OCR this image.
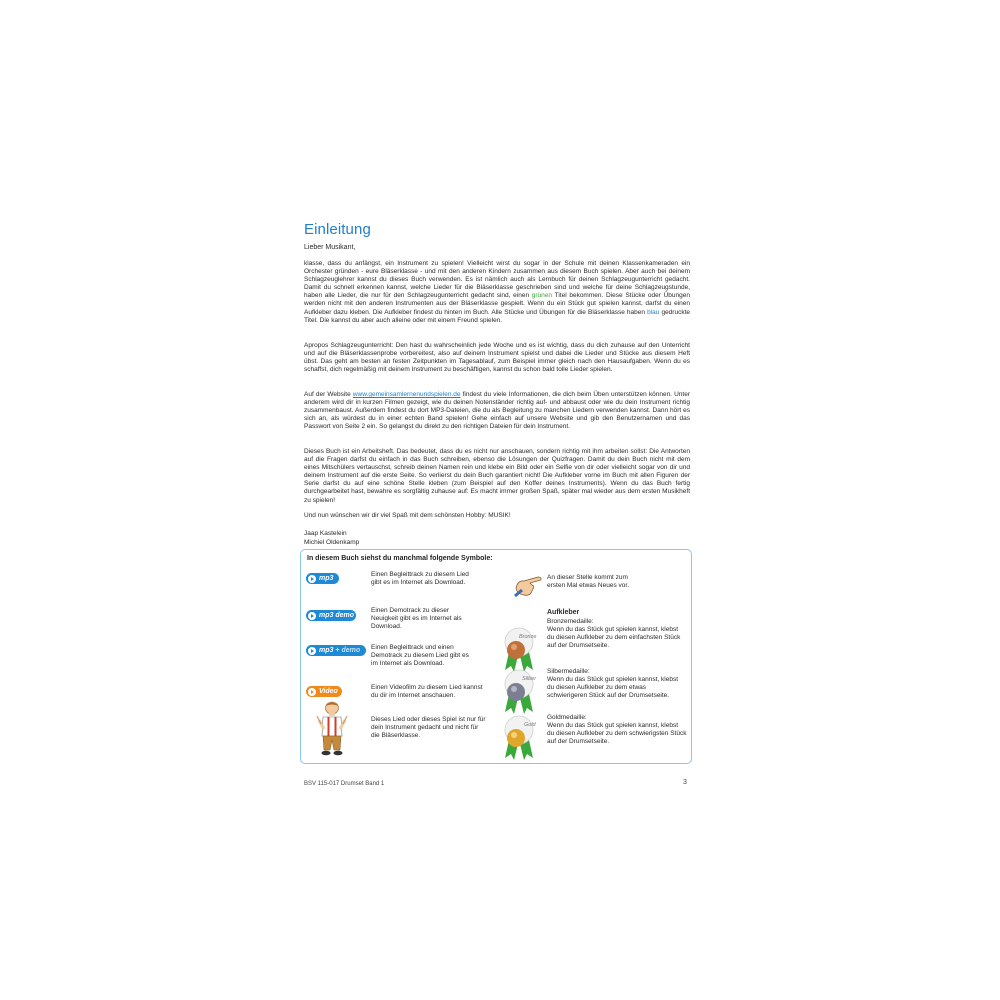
Einleitung
Lieber Musikant,

klasse, dass du anfängst, ein Instrument zu spielen! Vielleicht wirst du sogar in der Schule mit deinen Klassenkameraden ein Orchester gründen - eure Bläserklasse - und mit den anderen Kindern zusammen aus diesem Buch spielen. Aber auch bei deinem Schlagzeuglehrer kannst du dieses Buch verwenden. Es ist nämlich auch als Lernbuch für deinen Schlagzeugunterricht gedacht. Damit du schnell erkennen kannst, welche Lieder für die Bläserklasse geschrieben sind und welche für deine Schlagzeugstunde, haben alle Lieder, die nur für den Schlagzeugunterricht gedacht sind, einen grünen Titel bekommen. Diese Stücke oder Übungen werden nicht mit den anderen Instrumenten aus der Bläserklasse gespielt. Wenn du ein Stück gut spielen kannst, darfst du einen Aufkleber dazu kleben. Die Aufkleber findest du hinten im Buch. Alle Stücke und Übungen für die Bläserklasse haben blau gedruckte Titel. Die kannst du aber auch alleine oder mit einem Freund spielen.

Apropos Schlagzeugunterricht: Den hast du wahrscheinlich jede Woche und es ist wichtig, dass du dich zuhause auf den Unterricht und auf die Bläserklassenprobe vorbereitest, also auf deinem Instrument spielst und dabei die Lieder und Stücke aus diesem Heft übst. Das geht am besten an festen Zeitpunkten im Tagesablauf, zum Beispiel immer gleich nach den Hausaufgaben. Wenn du es schaffst, dich regelmäßig mit deinem Instrument zu beschäftigen, kannst du schon bald tolle Lieder spielen.

Auf der Website www.gemeinsamlernenundspielen.de findest du viele Informationen, die dich beim Üben unterstützen können. Unter anderem wird dir in kurzen Filmen gezeigt, wie du deinen Notenständer richtig auf- und abbaust oder wie du dein Instrument richtig zusammenbaust. Außerdem findest du dort MP3-Dateien, die du als Begleitung zu manchen Liedern verwenden kannst. Dann hört es sich an, als würdest du in einer echten Band spielen! Gehe einfach auf unsere Website und gib den Benutzernamen und das Passwort von Seite 2 ein. So gelangst du direkt zu den richtigen Dateien für dein Instrument.

Dieses Buch ist ein Arbeitsheft. Das bedeutet, dass du es nicht nur anschauen, sondern richtig mit ihm arbeiten sollst: Die Antworten auf die Fragen darfst du einfach in das Buch schreiben, ebenso die Lösungen der Quizfragen. Damit du dein Buch nicht mit dem eines Mitschülers vertauschst, schreib deinen Namen rein und klebe ein Bild oder ein Selfie von dir oder vielleicht sogar von dir und deinem Instrument auf die erste Seite. So verlierst du dein Buch garantiert nicht! Die Aufkleber vorne im Buch mit allen Figuren der Serie darfst du auf eine schöne Stelle kleben (zum Beispiel auf den Koffer deines Instruments). Wenn du das Buch fertig durchgearbeitet hast, bewahre es sorgfältig zuhause auf: Es macht immer großen Spaß, später mal wieder aus dem ersten Musikheft zu spielen!

Und nun wünschen wir dir viel Spaß mit dem schönsten Hobby: MUSIK!

Jaap Kastelein
Michiel Oldenkamp
In diesem Buch siehst du manchmal folgende Symbole:
mp3
Einen Begleittrack zu diesem Lied gibt es im Internet als Download.
mp3 demo
Einen Demotrack zu dieser Neuigkeit gibt es im Internet als Download.
mp3 + demo	Einen Begleittrack und einen Demotrack zu diesem Lied gibt es im Internet als Download.
Video
Einen Videofilm zu diesem Lied kannst du dir im Internet anschauen.
Dieses Lied oder dieses Spiel ist nur für dein Instrument gedacht und nicht für die Bläserklasse.
An dieser Stelle kommt zum ersten Mal etwas Neues vor.
Aufkleber
Bronze
Bronzemedaille:
Wenn du das Stück gut spielen kannst, klebst du diesen Aufkleber zu dem einfachsten Stück auf der Drumsetseite.
Silber
Silbermedaille:
Wenn du das Stück gut spielen kannst, klebst du diesen Aufkleber zu dem etwas schwierigeren Stück auf der Drumsetseite.
Gold
Goldmedaille:
Wenn du das Stück gut spielen kannst, klebst du diesen Aufkleber zu dem schwierigsten Stück auf der Drumsetseite.
BSV 115-017 Drumset Band 1	3
